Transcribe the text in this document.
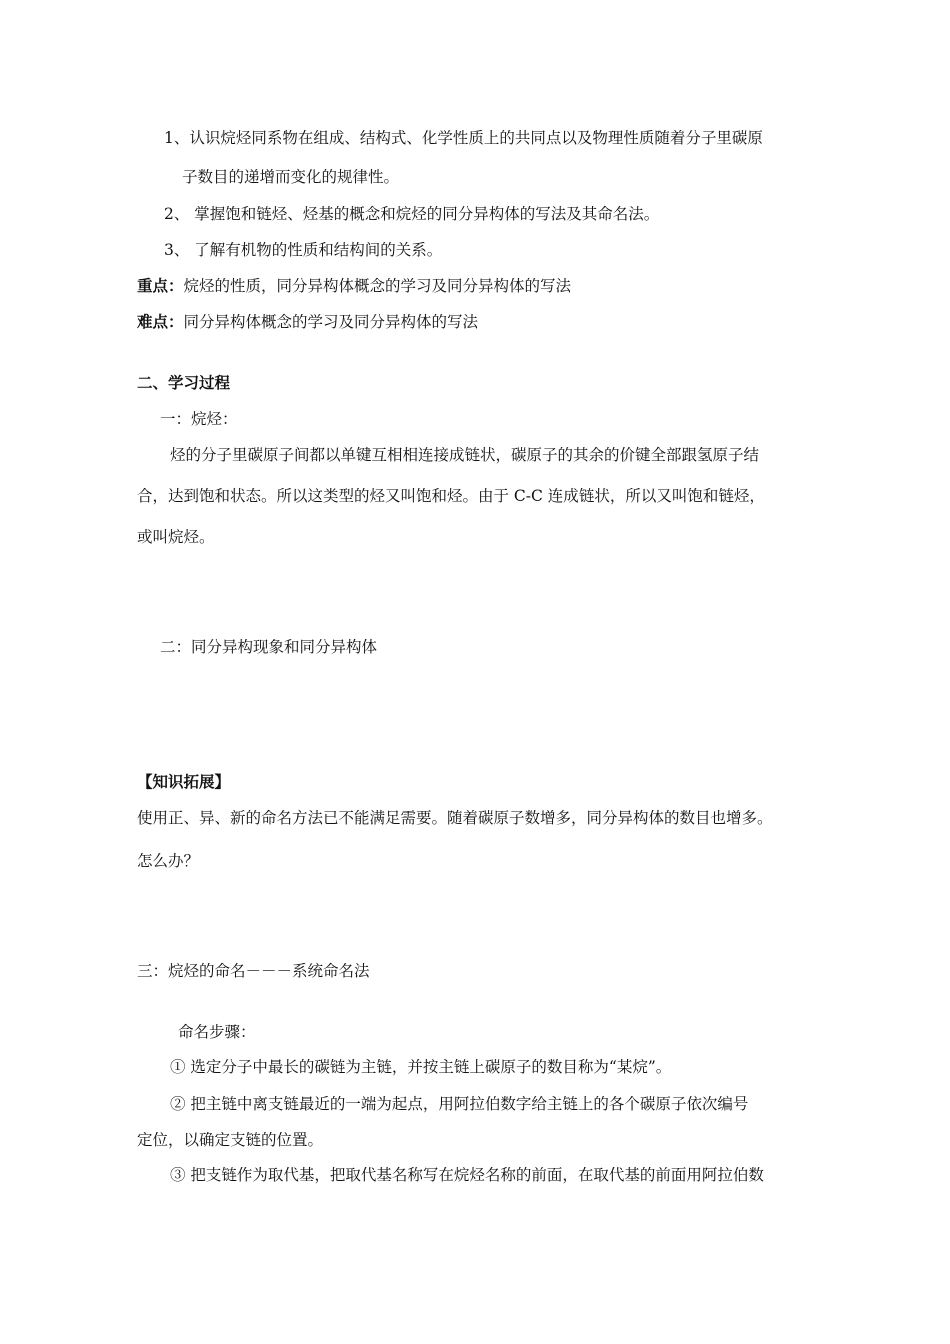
1、认识烷烃同系物在组成、结构式、化学性质上的共同点以及物理性质随着分子里碳原
子数目的递增而变化的规律性。
2、 掌握饱和链烃、烃基的概念和烷烃的同分异构体的写法及其命名法。
3、 了解有机物的性质和结构间的关系。
重点：烷烃的性质，同分异构体概念的学习及同分异构体的写法
难点：同分异构体概念的学习及同分异构体的写法
二、学习过程
一：烷烃：
烃的分子里碳原子间都以单键互相相连接成链状，碳原子的其余的价键全部跟氢原子结
合，达到饱和状态。所以这类型的烃又叫饱和烃。由于 C-C 连成链状，所以又叫饱和链烃，
或叫烷烃。
二：同分异构现象和同分异构体
【知识拓展】
使用正、异、新的命名方法已不能满足需要。随着碳原子数增多，同分异构体的数目也增多。
怎么办？
三：烷烃的命名－－－系统命名法
命名步骤：
① 选定分子中最长的碳链为主链，并按主链上碳原子的数目称为“某烷”。
② 把主链中离支链最近的一端为起点，用阿拉伯数字给主链上的各个碳原子依次编号
定位，以确定支链的位置。
③ 把支链作为取代基，把取代基名称写在烷烃名称的前面，在取代基的前面用阿拉伯数
